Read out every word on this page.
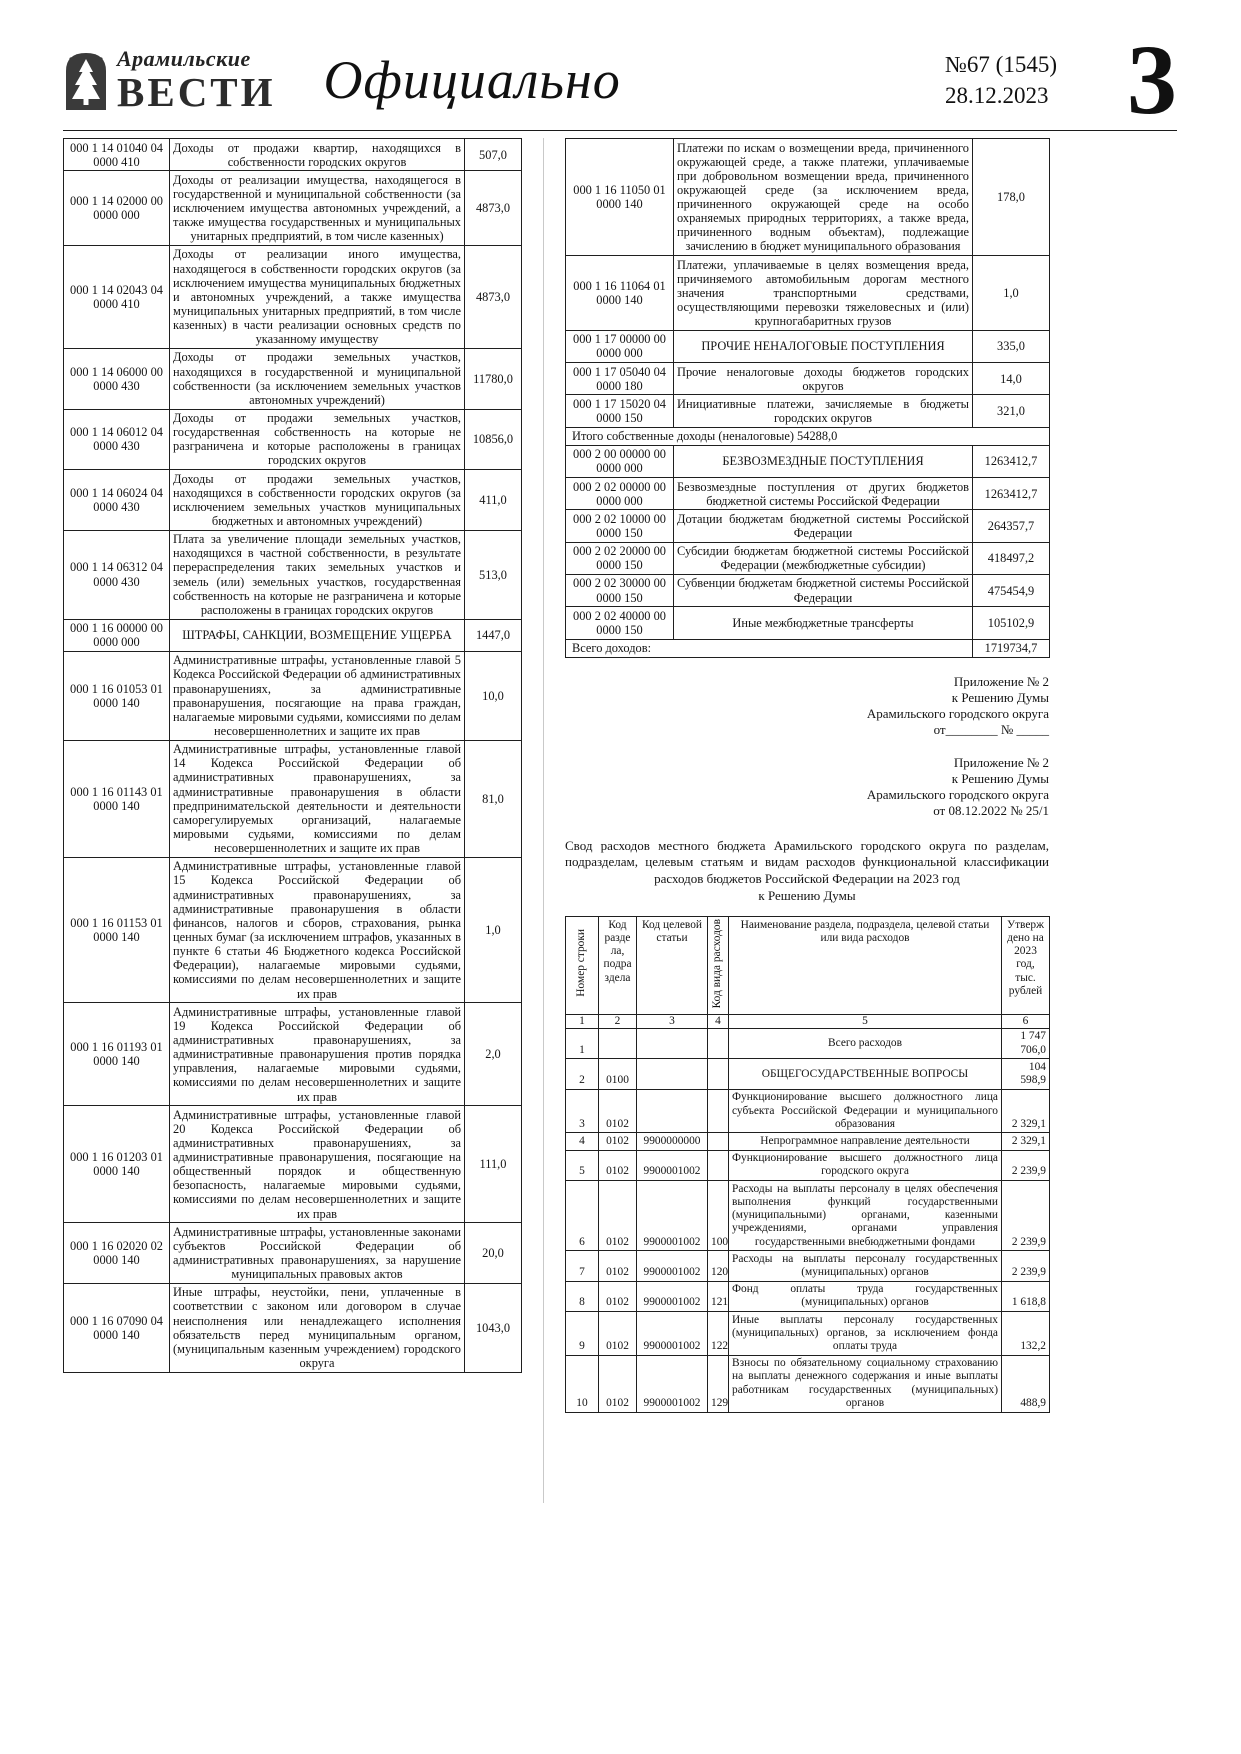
Арамильские
ВЕСТИ Официально	№67 (1545)
28.12.2023 3
000 1 14 01040 04 0000 410	Доходы от продажи квартир, находящихся в собственности городских округов	507,0
000 1 14 02000 00 0000 000	Доходы от реализации имущества, находящегося в государственной и муниципальной собственности (за исключением имущества автономных учреждений, а также имущества государственных и муниципальных унитарных предприятий, в том числе казенных)	4873,0
000 1 14 02043 04 0000 410	Доходы от реализации иного имущества, находящегося в собственности городских округов (за исключением имущества муниципальных бюджетных и автономных учреждений, а также имущества муниципальных унитарных предприятий, в том числе казенных) в части реализации основных средств по указанному имуществу	4873,0
000 1 14 06000 00 0000 430	Доходы от продажи земельных участков, находящихся в государственной и муниципальной собственности (за исключением земельных участков автономных учреждений)	11780,0
000 1 14 06012 04 0000 430	Доходы от продажи земельных участков, государственная собственность на которые не разграничена и которые расположены в границах городских округов	10856,0
000 1 14 06024 04 0000 430	Доходы от продажи земельных участков, находящихся в собственности городских округов (за исключением земельных участков муниципальных бюджетных и автономных учреждений)	411,0
000 1 14 06312 04 0000 430	Плата за увеличение площади земельных участков, находящихся в частной собственности, в результате перераспределения таких земельных участков и земель (или) земельных участков, государственная собственность на которые не разграничена и которые расположены в границах городских округов	513,0
000 1 16 00000 00 0000 000	ШТРАФЫ, САНКЦИИ, ВОЗМЕЩЕНИЕ УЩЕРБА	1447,0
000 1 16 01053 01 0000 140	Административные штрафы, установленные главой 5 Кодекса Российской Федерации об административных правонарушениях, за административные правонарушения, посягающие на права граждан, налагаемые мировыми судьями, комиссиями по делам несовершеннолетних и защите их прав	10,0
000 1 16 01143 01 0000 140	Административные штрафы, установленные главой 14 Кодекса Российской Федерации об административных правонарушениях, за административные правонарушения в области предпринимательской деятельности и деятельности саморегулируемых организаций, налагаемые мировыми судьями, комиссиями по делам несовершеннолетних и защите их прав	81,0
000 1 16 01153 01 0000 140	Административные штрафы, установленные главой 15 Кодекса Российской Федерации об административных правонарушениях, за административные правонарушения в области финансов, налогов и сборов, страхования, рынка ценных бумаг (за исключением штрафов, указанных в пункте 6 статьи 46 Бюджетного кодекса Российской Федерации), налагаемые мировыми судьями, комиссиями по делам несовершеннолетних и защите их прав	1,0
000 1 16 01193 01 0000 140	Административные штрафы, установленные главой 19 Кодекса Российской Федерации об административных правонарушениях, за административные правонарушения против порядка управления, налагаемые мировыми судьями, комиссиями по делам несовершеннолетних и защите их прав	2,0
000 1 16 01203 01 0000 140	Административные штрафы, установленные главой 20 Кодекса Российской Федерации об административных правонарушениях, за административные правонарушения, посягающие на общественный порядок и общественную безопасность, налагаемые мировыми судьями, комиссиями по делам несовершеннолетних и защите их прав	111,0
000 1 16 02020 02 0000 140	Административные штрафы, установленные законами субъектов Российской Федерации об административных правонарушениях, за нарушение муниципальных правовых актов	20,0
000 1 16 07090 04 0000 140	Иные штрафы, неустойки, пени, уплаченные в соответствии с законом или договором в случае неисполнения или ненадлежащего исполнения обязательств перед муниципальным органом, (муниципальным казенным учреждением) городского округа	1043,0
000 1 16 11050 01 0000 140	Платежи по искам о возмещении вреда, причиненного окружающей среде, а также платежи, уплачиваемые при добровольном возмещении вреда, причиненного окружающей среде (за исключением вреда, причиненного окружающей среде на особо охраняемых природных территориях, а также вреда, причиненного водным объектам), подлежащие зачислению в бюджет муниципального образования	178,0
000 1 16 11064 01 0000 140	Платежи, уплачиваемые в целях возмещения вреда, причиняемого автомобильным дорогам местного значения транспортными средствами, осуществляющими перевозки тяжеловесных и (или) крупногабаритных грузов	1,0
000 1 17 00000 00 0000 000	ПРОЧИЕ НЕНАЛОГОВЫЕ ПОСТУПЛЕНИЯ	335,0
000 1 17 05040 04 0000 180	Прочие неналоговые доходы бюджетов городских округов	14,0
000 1 17 15020 04 0000 150	Инициативные платежи, зачисляемые в бюджеты городских округов	321,0
Итого собственные доходы (неналоговые) 54288,0		
000 2 00 00000 00 0000 000	БЕЗВОЗМЕЗДНЫЕ ПОСТУПЛЕНИЯ	1263412,7
000 2 02 00000 00 0000 000	Безвозмездные поступления от других бюджетов бюджетной системы Российской Федерации	1263412,7
000 2 02 10000 00 0000 150	Дотации бюджетам бюджетной системы Российской Федерации	264357,7
000 2 02 20000 00 0000 150	Субсидии бюджетам бюджетной системы Российской Федерации (межбюджетные субсидии)	418497,2
000 2 02 30000 00 0000 150	Субвенции бюджетам бюджетной системы Российской Федерации	475454,9
000 2 02 40000 00 0000 150	Иные межбюджетные трансферты	105102,9
Всего доходов:		1719734,7
Приложение № 2
к Решению Думы
Арамильского городского округа
от________ № _____
Приложение № 2
к Решению Думы
Арамильского городского округа
от 08.12.2022 № 25/1
Свод расходов местного бюджета Арамильского городского округа по разделам, подразделам, целевым статьям и видам расходов функциональной классификации расходов бюджетов Российской Федерации на 2023 год
к Решению Думы
Номер строки	Код раздела, подраздела	Код целевой статьи	Код вида расходов	Наименование раздела, подраздела, целевой статьи или вида расходов	Утверждено на 2023 год, тыс. рублей
1	2	3	4	5	6
1				Всего расходов	1 747 706,0
2	0100			ОБЩЕГОСУДАРСТВЕННЫЕ ВОПРОСЫ	104 598,9
3	0102			Функционирование высшего должностного лица субъекта Российской Федерации и муниципального образования	2 329,1
4	0102	9900000000		Непрограммное направление деятельности	2 329,1
5	0102	9900001002		Функционирование высшего должностного лица городского округа	2 239,9
6	0102	9900001002	100	Расходы на выплаты персоналу в целях обеспечения выполнения функций государственными (муниципальными) органами, казенными учреждениями, органами управления государственными внебюджетными фондами	2 239,9
7	0102	9900001002	120	Расходы на выплаты персоналу государственных (муниципальных) органов	2 239,9
8	0102	9900001002	121	Фонд оплаты труда государственных (муниципальных) органов	1 618,8
9	0102	9900001002	122	Иные выплаты персоналу государственных (муниципальных) органов, за исключением фонда оплаты труда	132,2
10	0102	9900001002	129	Взносы по обязательному социальному страхованию на выплаты денежного содержания и иные выплаты работникам государственных (муниципальных) органов	488,9
